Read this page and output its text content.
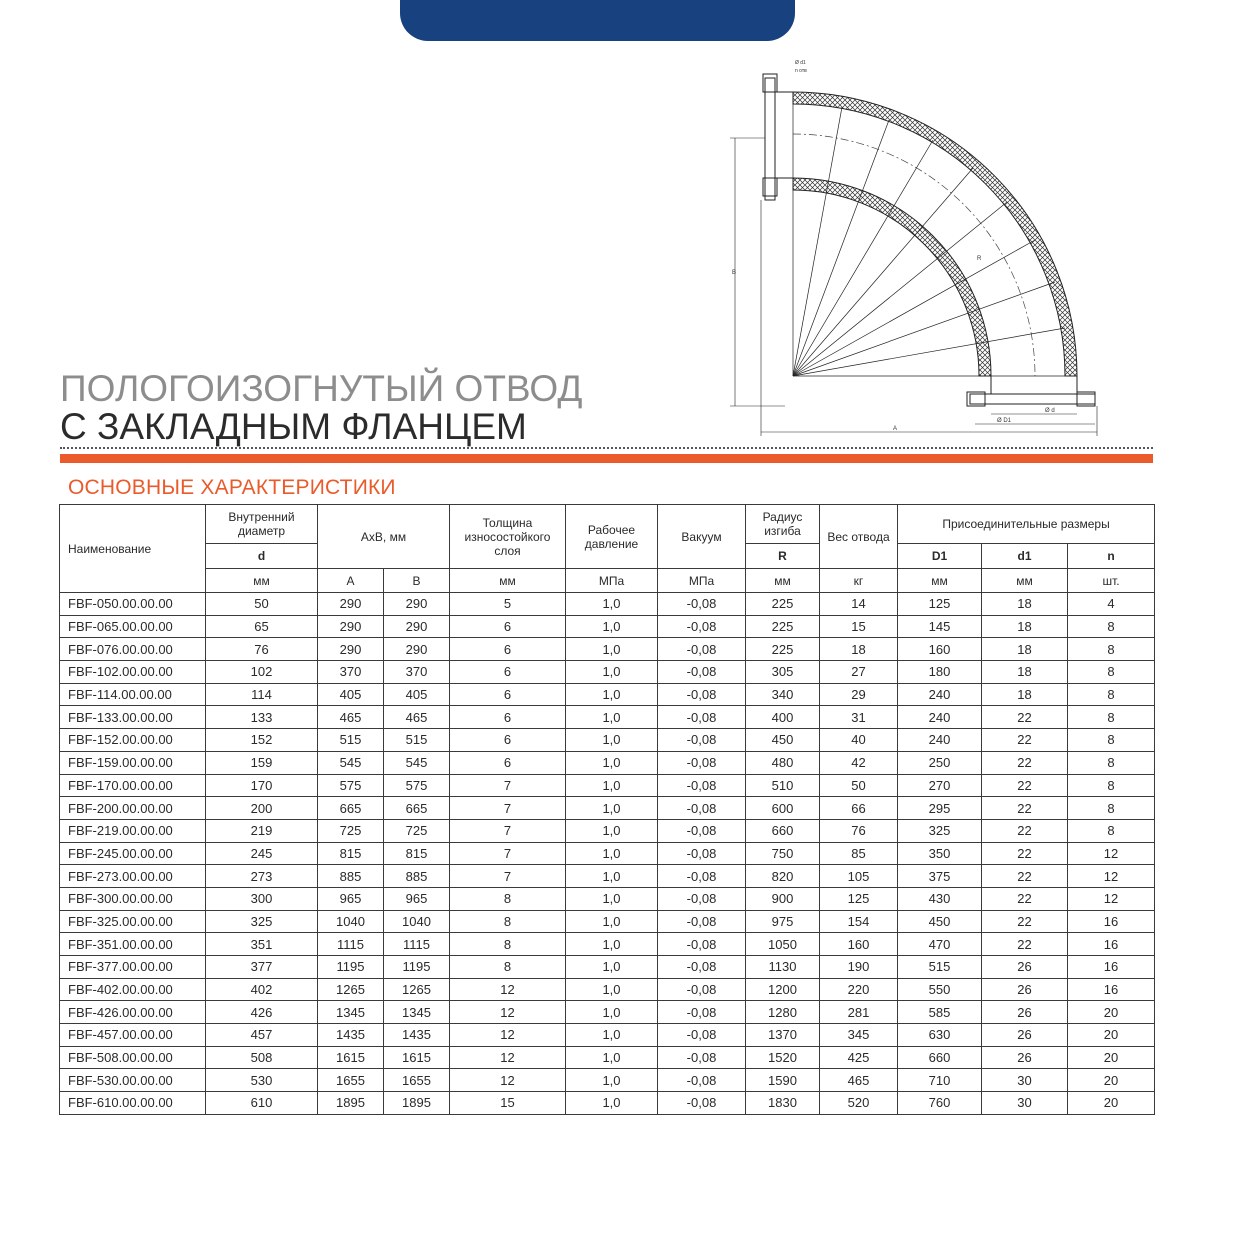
B
A
Ø D1
Ø d
R
Ø d1
n отв
ПОЛОГОИЗОГНУТЫЙ ОТВОД
С ЗАКЛАДНЫМ ФЛАНЦЕМ
ОСНОВНЫЕ ХАРАКТЕРИСТИКИ
Наименование	Внутренний диаметр	АхВ, мм		Толщина износостойкого слоя	Рабочее давление	Вакуум	Радиус изгиба	Вес отвода	Присоединительные размеры		
	d						R		D1	d1	n
	мм	А	В	мм	МПа	МПа	мм	кг	мм	мм	шт.
FBF-050.00.00.00	50	290	290	5	1,0	-0,08	225	14	125	18	4
FBF-065.00.00.00	65	290	290	6	1,0	-0,08	225	15	145	18	8
FBF-076.00.00.00	76	290	290	6	1,0	-0,08	225	18	160	18	8
FBF-102.00.00.00	102	370	370	6	1,0	-0,08	305	27	180	18	8
FBF-114.00.00.00	114	405	405	6	1,0	-0,08	340	29	240	18	8
FBF-133.00.00.00	133	465	465	6	1,0	-0,08	400	31	240	22	8
FBF-152.00.00.00	152	515	515	6	1,0	-0,08	450	40	240	22	8
FBF-159.00.00.00	159	545	545	6	1,0	-0,08	480	42	250	22	8
FBF-170.00.00.00	170	575	575	7	1,0	-0,08	510	50	270	22	8
FBF-200.00.00.00	200	665	665	7	1,0	-0,08	600	66	295	22	8
FBF-219.00.00.00	219	725	725	7	1,0	-0,08	660	76	325	22	8
FBF-245.00.00.00	245	815	815	7	1,0	-0,08	750	85	350	22	12
FBF-273.00.00.00	273	885	885	7	1,0	-0,08	820	105	375	22	12
FBF-300.00.00.00	300	965	965	8	1,0	-0,08	900	125	430	22	12
FBF-325.00.00.00	325	1040	1040	8	1,0	-0,08	975	154	450	22	16
FBF-351.00.00.00	351	1115	1115	8	1,0	-0,08	1050	160	470	22	16
FBF-377.00.00.00	377	1195	1195	8	1,0	-0,08	1130	190	515	26	16
FBF-402.00.00.00	402	1265	1265	12	1,0	-0,08	1200	220	550	26	16
FBF-426.00.00.00	426	1345	1345	12	1,0	-0,08	1280	281	585	26	20
FBF-457.00.00.00	457	1435	1435	12	1,0	-0,08	1370	345	630	26	20
FBF-508.00.00.00	508	1615	1615	12	1,0	-0,08	1520	425	660	26	20
FBF-530.00.00.00	530	1655	1655	12	1,0	-0,08	1590	465	710	30	20
FBF-610.00.00.00	610	1895	1895	15	1,0	-0,08	1830	520	760	30	20
